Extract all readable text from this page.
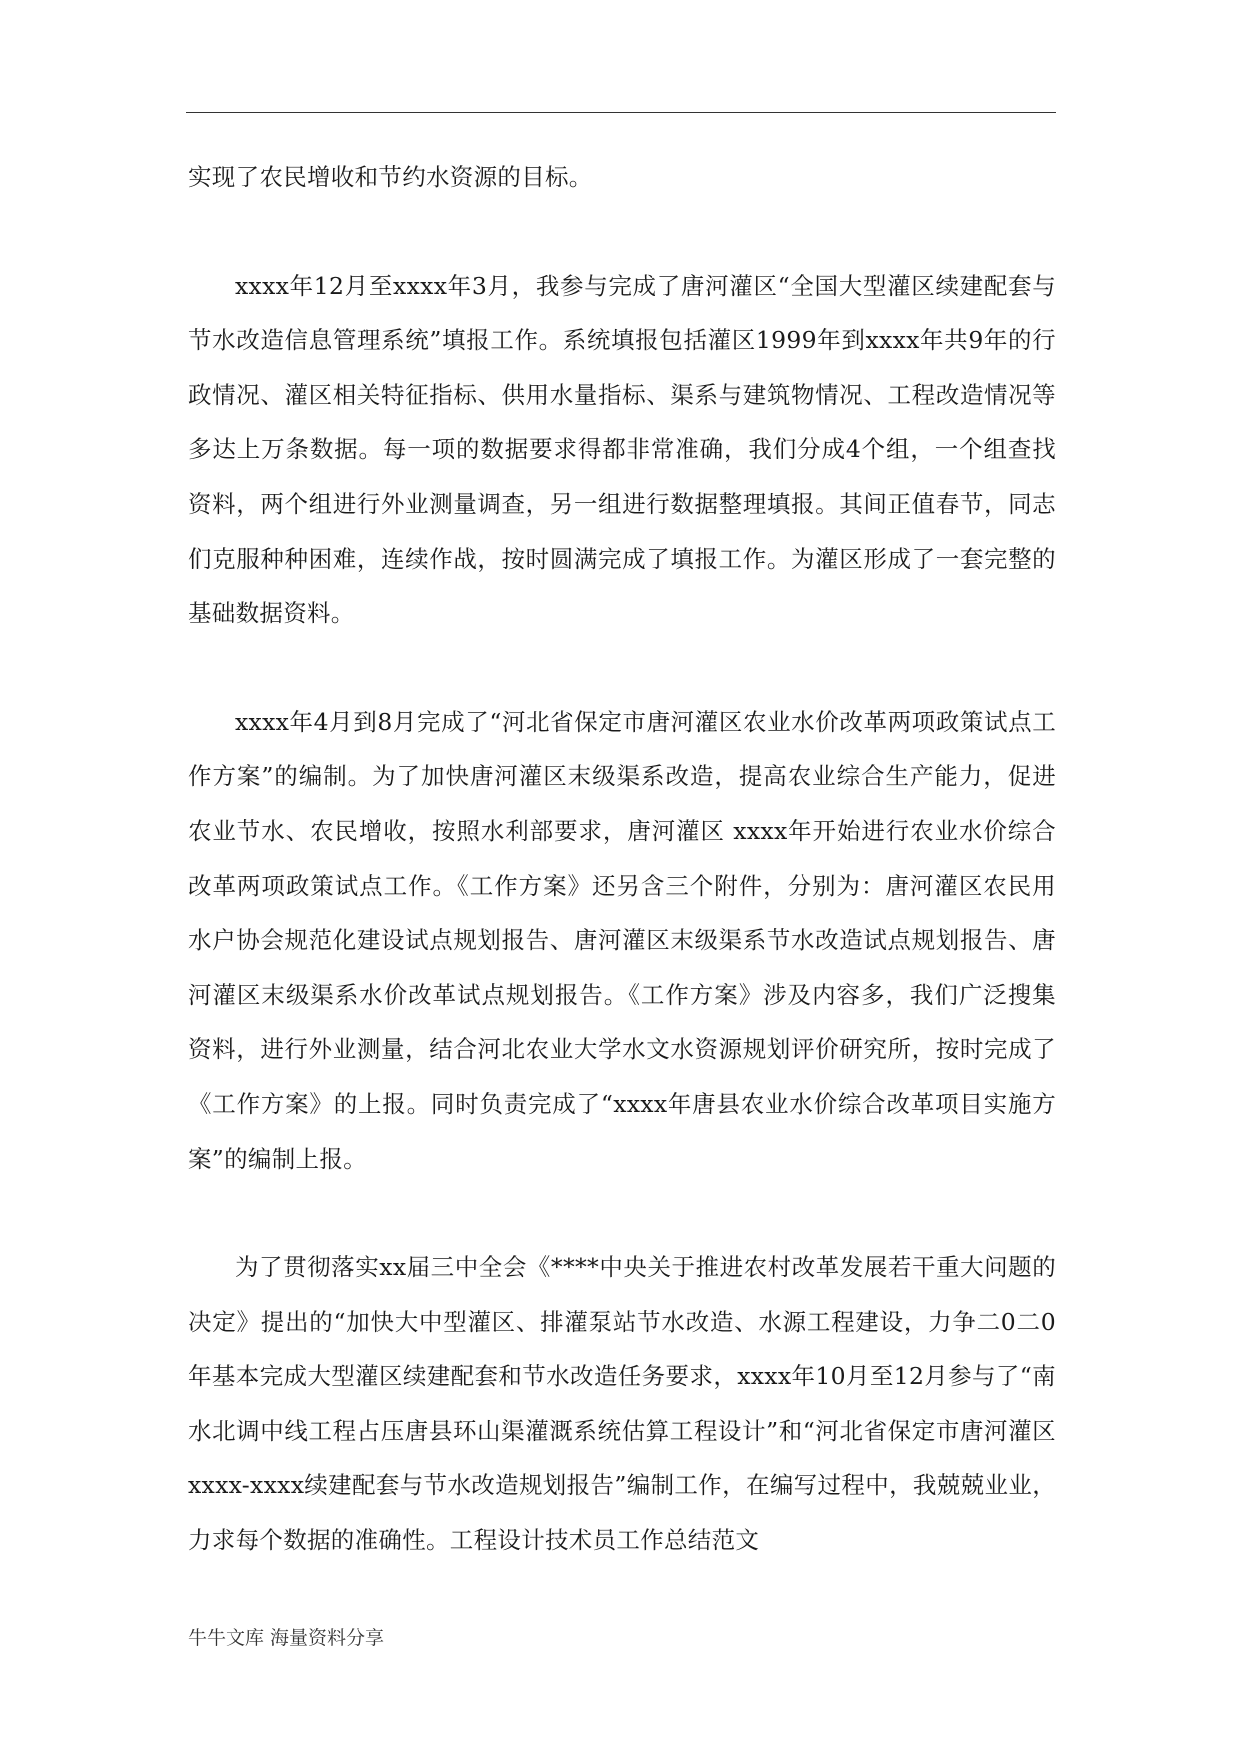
实现了农民增收和节约水资源的目标。

xxxx年12月至xxxx年3月，我参与完成了唐河灌区“全国大型灌区续建配套与节水改造信息管理系统”填报工作。系统填报包括灌区1999年到xxxx年共9年的行政情况、灌区相关特征指标、供用水量指标、渠系与建筑物情况、工程改造情况等多达上万条数据。每一项的数据要求得都非常准确，我们分成4个组，一个组查找资料，两个组进行外业测量调查，另一组进行数据整理填报。其间正值春节，同志们克服种种困难，连续作战，按时圆满完成了填报工作。为灌区形成了一套完整的基础数据资料。

xxxx年4月到8月完成了“河北省保定市唐河灌区农业水价改革两项政策试点工作方案”的编制。为了加快唐河灌区末级渠系改造，提高农业综合生产能力，促进农业节水、农民增收，按照水利部要求，唐河灌区 xxxx年开始进行农业水价综合改革两项政策试点工作。《工作方案》还另含三个附件，分别为：唐河灌区农民用水户协会规范化建设试点规划报告、唐河灌区末级渠系节水改造试点规划报告、唐河灌区末级渠系水价改革试点规划报告。《工作方案》涉及内容多，我们广泛搜集资料，进行外业测量，结合河北农业大学水文水资源规划评价研究所，按时完成了《工作方案》的上报。同时负责完成了“xxxx年唐县农业水价综合改革项目实施方案”的编制上报。

为了贯彻落实xx届三中全会《****中央关于推进农村改革发展若干重大问题的决定》提出的“加快大中型灌区、排灌泵站节水改造、水源工程建设，力争二0二0年基本完成大型灌区续建配套和节水改造任务要求，xxxx年10月至12月参与了“南水北调中线工程占压唐县环山渠灌溉系统估算工程设计”和“河北省保定市唐河灌区xxxx-xxxx续建配套与节水改造规划报告”编制工作，在编写过程中，我兢兢业业，力求每个数据的准确性。工程设计技术员工作总结范文

牛牛文库 海量资料分享
